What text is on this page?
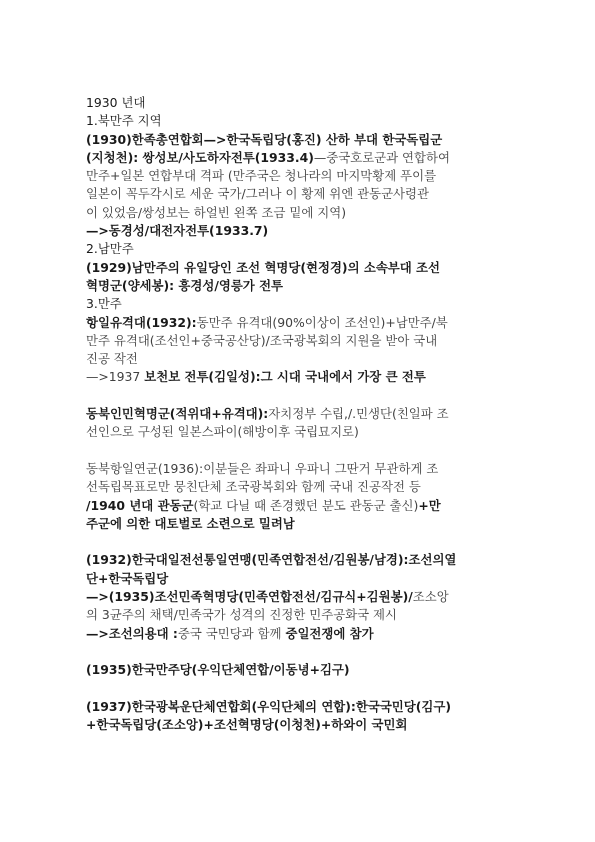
1930 년대
1.북만주 지역
(1930)한족총연합회—>한국독립당(홍진) 산하 부대 한국독립군
(지청천): 쌍성보/사도하자전투(1933.4)—중국호로군과 연합하여
만주+일본 연합부대 격파 (만주국은 청나라의 마지막황제 푸이를
일본이 꼭두각시로 세운 국가/그러나 이 황제 위엔 관동군사령관
이 있었음/쌍성보는 하얼빈 왼쪽 조금 밑에 지역)
—>동경성/대전자전투(1933.7)
2.남만주
(1929)남만주의 유일당인 조선 혁명당(현정경)의 소속부대 조선
혁명군(양세봉): 흥경성/영릉가 전투
3.만주
항일유격대(1932):동만주 유격대(90%이상이 조선인)+남만주/북
만주 유격대(조선인+중국공산당)/조국광복회의 지원을 받아 국내
진공 작전
—>1937 보천보 전투(김일성):그 시대 국내에서 가장 큰 전투
동북인민혁명군(적위대+유격대):자치정부 수립,/.민생단(친일파 조
선인으로 구성된 일본스파이(해방이후 국립묘지로)
동북항일연군(1936):이분들은 좌파니 우파니 그딴거 무관하게 조
선독립목표로만 뭉친단체 조국광복회와 함께 국내 진공작전 등
/1940 년대 관동군(학교 다닐 때 존경했던 분도 관동군 출신)+만
주군에 의한 대토벌로 소련으로 밀려남
(1932)한국대일전선통일연맹(민족연합전선/김원봉/남경):조선의열
단+한국독립당
—>(1935)조선민족혁명당(민족연합전선/김규식+김원봉)/조소앙
의 3균주의 채택/민족국가 성격의 진정한 민주공화국 제시
—>조선의용대 :중국 국민당과 함께 중일전쟁에 참가
(1935)한국만주당(우익단체연합/이동녕+김구)
(1937)한국광복운단체연합회(우익단체의 연합):한국국민당(김구)
+한국독립당(조소앙)+조선혁명당(이청천)+하와이 국민회
